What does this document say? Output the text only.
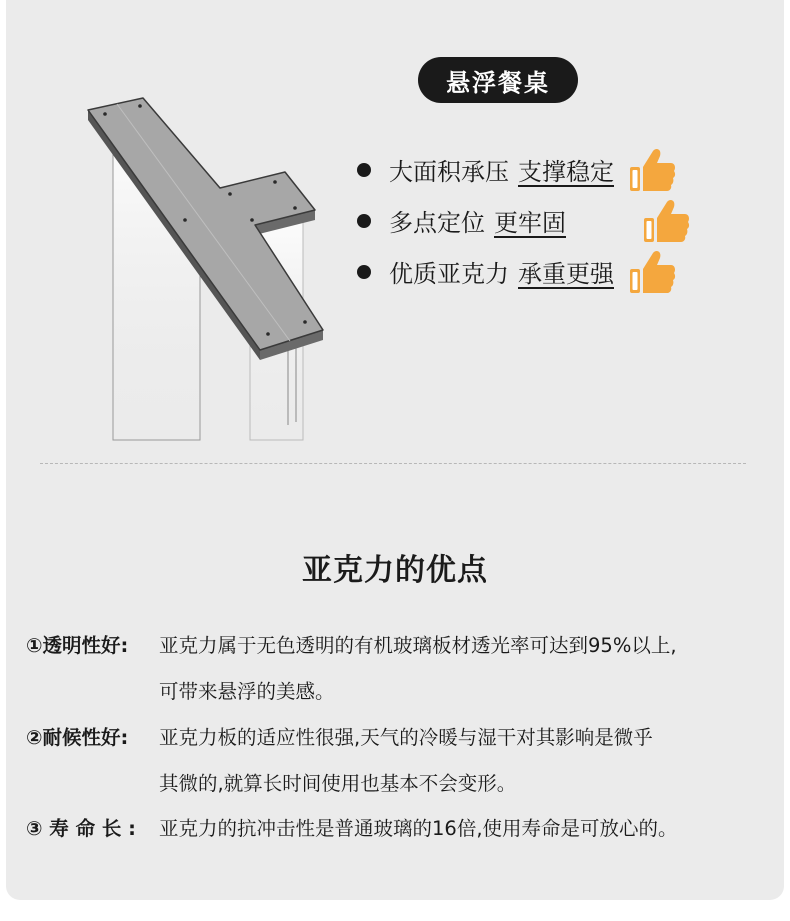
悬浮餐桌
大面积承压 支撑稳定
多点定位 更牢固
优质亚克力 承重更强
亚克力的优点
①透明性好: 亚克力属于无色透明的有机玻璃板材透光率可达到95%以上,
可带来悬浮的美感。
②耐候性好: 亚克力板的适应性很强,天气的冷暖与湿干对其影响是微乎
其微的,就算长时间使用也基本不会变形。
③ 寿 命 长 : 亚克力的抗冲击性是普通玻璃的16倍,使用寿命是可放心的。
